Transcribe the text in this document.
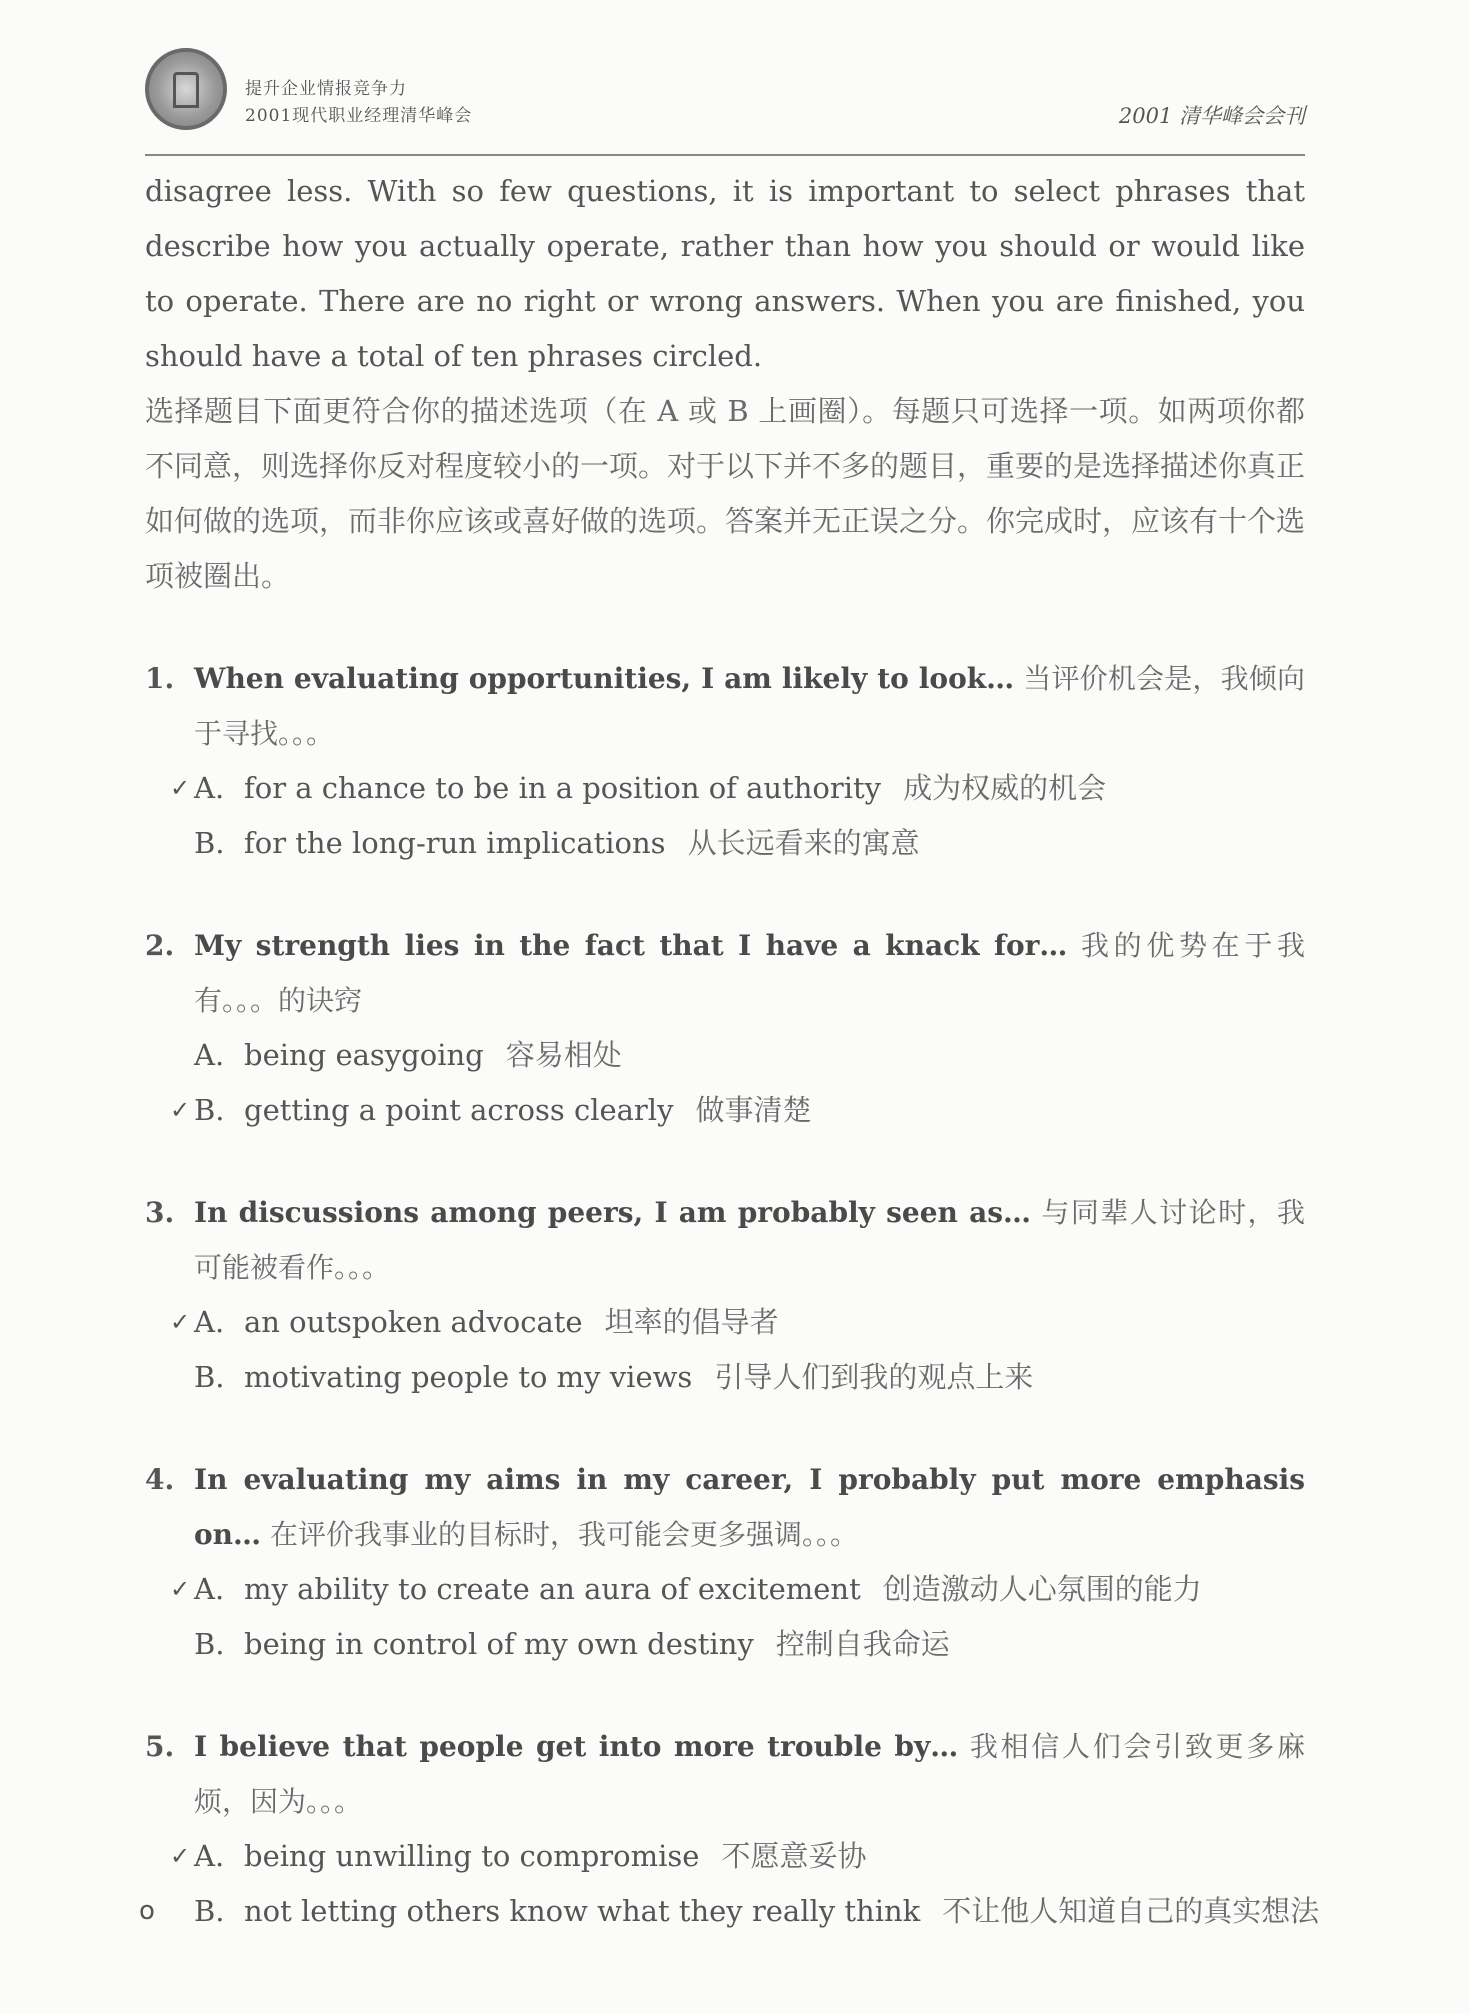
提升企业情报竞争力
2001现代职业经理清华峰会	2001 清华峰会会刊

disagree less. With so few questions, it is important to select phrases that describe how you actually operate, rather than how you should or would like to operate. There are no right or wrong answers. When you are finished, you should have a total of ten phrases circled.

选择题目下面更符合你的描述选项（在 A 或 B 上画圈）。每题只可选择一项。如两项你都不同意，则选择你反对程度较小的一项。对于以下并不多的题目，重要的是选择描述你真正如何做的选项，而非你应该或喜好做的选项。答案并无正误之分。你完成时，应该有十个选项被圈出。

1. When evaluating opportunities, I am likely to look… 当评价机会是，我倾向于寻找。。。
✓ A. for a chance to be in a position of authority 成为权威的机会
B. for the long-run implications 从长远看来的寓意
2. My strength lies in the fact that I have a knack for… 我的优势在于我有。。。的诀窍
A. being easygoing 容易相处
✓ B. getting a point across clearly 做事清楚
3. In discussions among peers, I am probably seen as… 与同辈人讨论时，我可能被看作。。。
✓ A. an outspoken advocate 坦率的倡导者
B. motivating people to my views 引导人们到我的观点上来
4. In evaluating my aims in my career, I probably put more emphasis on… 在评价我事业的目标时，我可能会更多强调。。。
✓ A. my ability to create an aura of excitement 创造激动人心氛围的能力
B. being in control of my own destiny 控制自我命运
5. I believe that people get into more trouble by… 我相信人们会引致更多麻烦，因为。。。
✓ A. being unwilling to compromise 不愿意妥协
o B. not letting others know what they really think 不让他人知道自己的真实想法
